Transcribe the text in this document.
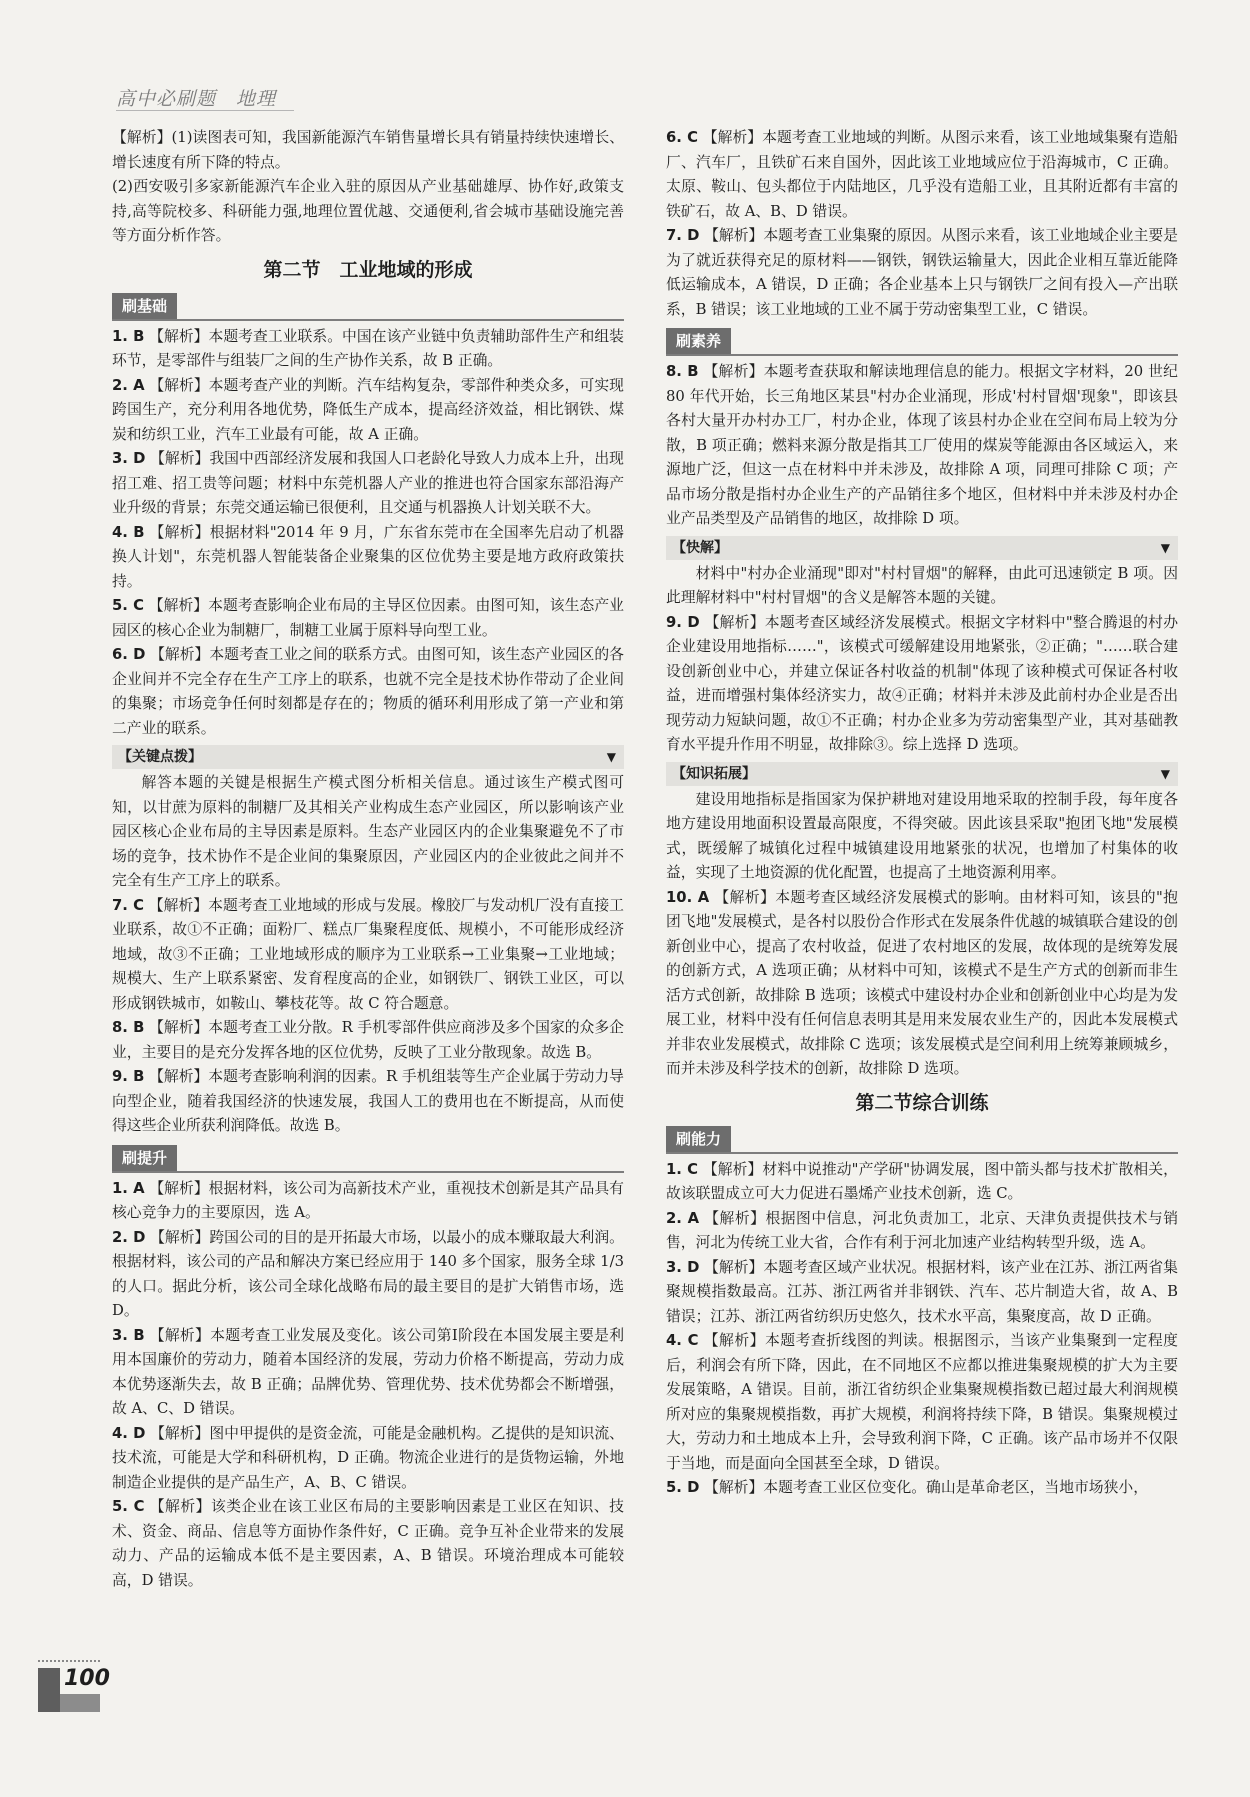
高中必刷题　地理

【解析】(1)读图表可知，我国新能源汽车销售量增长具有销量持续快速增长、增长速度有所下降的特点。

(2)西安吸引多家新能源汽车企业入驻的原因从产业基础雄厚、协作好,政策支持,高等院校多、科研能力强,地理位置优越、交通便利,省会城市基础设施完善等方面分析作答。

第二节　工业地域的形成
刷基础

1. B 【解析】本题考查工业联系。中国在该产业链中负责辅助部件生产和组装环节，是零部件与组装厂之间的生产协作关系，故 B 正确。

2. A 【解析】本题考查产业的判断。汽车结构复杂，零部件种类众多，可实现跨国生产，充分利用各地优势，降低生产成本，提高经济效益，相比钢铁、煤炭和纺织工业，汽车工业最有可能，故 A 正确。

3. D 【解析】我国中西部经济发展和我国人口老龄化导致人力成本上升，出现招工难、招工贵等问题；材料中东莞机器人产业的推进也符合国家东部沿海产业升级的背景；东莞交通运输已很便利，且交通与机器换人计划关联不大。

4. B 【解析】根据材料"2014 年 9 月，广东省东莞市在全国率先启动了机器换人计划"，东莞机器人智能装备企业聚集的区位优势主要是地方政府政策扶持。

5. C 【解析】本题考查影响企业布局的主导区位因素。由图可知，该生态产业园区的核心企业为制糖厂，制糖工业属于原料导向型工业。

6. D 【解析】本题考查工业之间的联系方式。由图可知，该生态产业园区的各企业间并不完全存在生产工序上的联系，也就不完全是技术协作带动了企业间的集聚；市场竞争任何时刻都是存在的；物质的循环利用形成了第一产业和第二产业的联系。

【关键点拨】	▼

解答本题的关键是根据生产模式图分析相关信息。通过该生产模式图可知，以甘蔗为原料的制糖厂及其相关产业构成生态产业园区，所以影响该产业园区核心企业布局的主导因素是原料。生态产业园区内的企业集聚避免不了市场的竞争，技术协作不是企业间的集聚原因，产业园区内的企业彼此之间并不完全有生产工序上的联系。

7. C 【解析】本题考查工业地域的形成与发展。橡胶厂与发动机厂没有直接工业联系，故①不正确；面粉厂、糕点厂集聚程度低、规模小，不可能形成经济地域，故③不正确；工业地域形成的顺序为工业联系→工业集聚→工业地域；规模大、生产上联系紧密、发育程度高的企业，如钢铁厂、钢铁工业区，可以形成钢铁城市，如鞍山、攀枝花等。故 C 符合题意。

8. B 【解析】本题考查工业分散。R 手机零部件供应商涉及多个国家的众多企业，主要目的是充分发挥各地的区位优势，反映了工业分散现象。故选 B。

9. B 【解析】本题考查影响利润的因素。R 手机组装等生产企业属于劳动力导向型企业，随着我国经济的快速发展，我国人工的费用也在不断提高，从而使得这些企业所获利润降低。故选 B。

刷提升

1. A 【解析】根据材料，该公司为高新技术产业，重视技术创新是其产品具有核心竞争力的主要原因，选 A。

2. D 【解析】跨国公司的目的是开拓最大市场，以最小的成本赚取最大利润。根据材料，该公司的产品和解决方案已经应用于 140 多个国家，服务全球 1/3 的人口。据此分析，该公司全球化战略布局的最主要目的是扩大销售市场，选 D。

3. B 【解析】本题考查工业发展及变化。该公司第Ⅰ阶段在本国发展主要是利用本国廉价的劳动力，随着本国经济的发展，劳动力价格不断提高，劳动力成本优势逐渐失去，故 B 正确；品牌优势、管理优势、技术优势都会不断增强，故 A、C、D 错误。

4. D 【解析】图中甲提供的是资金流，可能是金融机构。乙提供的是知识流、技术流，可能是大学和科研机构，D 正确。物流企业进行的是货物运输，外地制造企业提供的是产品生产，A、B、C 错误。

5. C 【解析】该类企业在该工业区布局的主要影响因素是工业区在知识、技术、资金、商品、信息等方面协作条件好，C 正确。竞争互补企业带来的发展动力、产品的运输成本低不是主要因素，A、B 错误。环境治理成本可能较高，D 错误。

6. C 【解析】本题考查工业地域的判断。从图示来看，该工业地域集聚有造船厂、汽车厂，且铁矿石来自国外，因此该工业地域应位于沿海城市，C 正确。太原、鞍山、包头都位于内陆地区，几乎没有造船工业，且其附近都有丰富的铁矿石，故 A、B、D 错误。

7. D 【解析】本题考查工业集聚的原因。从图示来看，该工业地域企业主要是为了就近获得充足的原材料——钢铁，钢铁运输量大，因此企业相互靠近能降低运输成本，A 错误，D 正确；各企业基本上只与钢铁厂之间有投入—产出联系，B 错误；该工业地域的工业不属于劳动密集型工业，C 错误。

刷素养

8. B 【解析】本题考查获取和解读地理信息的能力。根据文字材料，20 世纪 80 年代开始，长三角地区某县"村办企业涌现，形成'村村冒烟'现象"，即该县各村大量开办村办工厂，村办企业，体现了该县村办企业在空间布局上较为分散，B 项正确；燃料来源分散是指其工厂使用的煤炭等能源由各区域运入，来源地广泛，但这一点在材料中并未涉及，故排除 A 项，同理可排除 C 项；产品市场分散是指村办企业生产的产品销往多个地区，但材料中并未涉及村办企业产品类型及产品销售的地区，故排除 D 项。

【快解】	▼

材料中"村办企业涌现"即对"村村冒烟"的解释，由此可迅速锁定 B 项。因此理解材料中"村村冒烟"的含义是解答本题的关键。

9. D 【解析】本题考查区域经济发展模式。根据文字材料中"整合腾退的村办企业建设用地指标……"，该模式可缓解建设用地紧张，②正确；"……联合建设创新创业中心，并建立保证各村收益的机制"体现了该种模式可保证各村收益，进而增强村集体经济实力，故④正确；材料并未涉及此前村办企业是否出现劳动力短缺问题，故①不正确；村办企业多为劳动密集型产业，其对基础教育水平提升作用不明显，故排除③。综上选择 D 选项。

【知识拓展】	▼

建设用地指标是指国家为保护耕地对建设用地采取的控制手段，每年度各地方建设用地面积设置最高限度，不得突破。因此该县采取"抱团飞地"发展模式，既缓解了城镇化过程中城镇建设用地紧张的状况，也增加了村集体的收益，实现了土地资源的优化配置，也提高了土地资源利用率。

10. A 【解析】本题考查区域经济发展模式的影响。由材料可知，该县的"抱团飞地"发展模式，是各村以股份合作形式在发展条件优越的城镇联合建设的创新创业中心，提高了农村收益，促进了农村地区的发展，故体现的是统筹发展的创新方式，A 选项正确；从材料中可知，该模式不是生产方式的创新而非生活方式创新，故排除 B 选项；该模式中建设村办企业和创新创业中心均是为发展工业，材料中没有任何信息表明其是用来发展农业生产的，因此本发展模式并非农业发展模式，故排除 C 选项；该发展模式是空间利用上统筹兼顾城乡，而并未涉及科学技术的创新，故排除 D 选项。

第二节综合训练
刷能力

1. C 【解析】材料中说推动"产学研"协调发展，图中箭头都与技术扩散相关，故该联盟成立可大力促进石墨烯产业技术创新，选 C。

2. A 【解析】根据图中信息，河北负责加工，北京、天津负责提供技术与销售，河北为传统工业大省，合作有利于河北加速产业结构转型升级，选 A。

3. D 【解析】本题考查区域产业状况。根据材料，该产业在江苏、浙江两省集聚规模指数最高。江苏、浙江两省并非钢铁、汽车、芯片制造大省，故 A、B 错误；江苏、浙江两省纺织历史悠久，技术水平高，集聚度高，故 D 正确。

4. C 【解析】本题考查折线图的判读。根据图示，当该产业集聚到一定程度后，利润会有所下降，因此，在不同地区不应都以推进集聚规模的扩大为主要发展策略，A 错误。目前，浙江省纺织企业集聚规模指数已超过最大利润规模所对应的集聚规模指数，再扩大规模，利润将持续下降，B 错误。集聚规模过大，劳动力和土地成本上升，会导致利润下降，C 正确。该产品市场并不仅限于当地，而是面向全国甚至全球，D 错误。

5. D 【解析】本题考查工业区位变化。确山是革命老区，当地市场狭小，

100
